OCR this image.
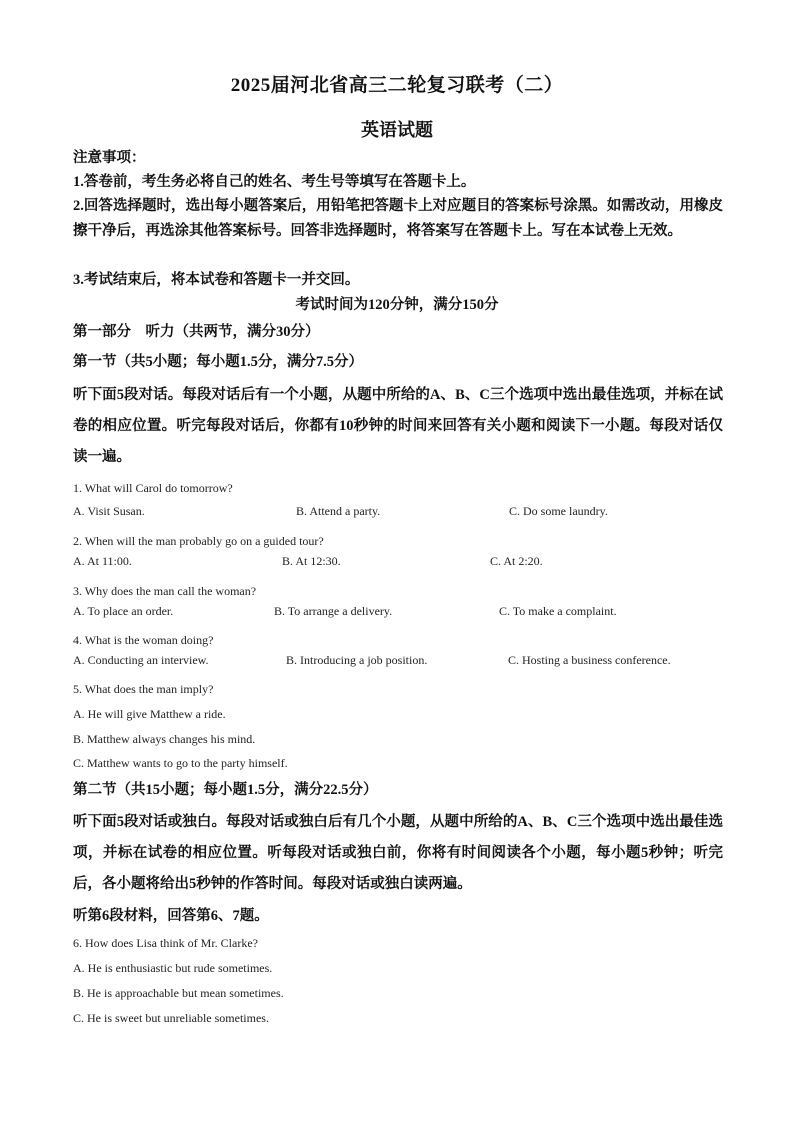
2025届河北省高三二轮复习联考（二）
英语试题
注意事项：
1.答卷前，考生务必将自己的姓名、考生号等填写在答题卡上。
2.回答选择题时，选出每小题答案后，用铅笔把答题卡上对应题目的答案标号涂黑。如需改动，用橡皮擦干净后，再选涂其他答案标号。回答非选择题时，将答案写在答题卡上。写在本试卷上无效。
3.考试结束后，将本试卷和答题卡一并交回。
考试时间为120分钟，满分150分
第一部分　听力（共两节，满分30分）
第一节（共5小题；每小题1.5分，满分7.5分）
听下面5段对话。每段对话后有一个小题，从题中所给的A、B、C三个选项中选出最佳选项，并标在试卷的相应位置。听完每段对话后，你都有10秒钟的时间来回答有关小题和阅读下一小题。每段对话仅读一遍。
1. What will Carol do tomorrow?
A. Visit Susan.	B. Attend a party.	C. Do some laundry.
2. When will the man probably go on a guided tour?
A. At 11:00.	B. At 12:30.	C. At 2:20.
3. Why does the man call the woman?
A. To place an order.	B. To arrange a delivery.	C. To make a complaint.
4. What is the woman doing?
A. Conducting an interview.	B. Introducing a job position.	C. Hosting a business conference.
5. What does the man imply?
A. He will give Matthew a ride.
B. Matthew always changes his mind.
C. Matthew wants to go to the party himself.
第二节（共15小题；每小题1.5分，满分22.5分）
听下面5段对话或独白。每段对话或独白后有几个小题，从题中所给的A、B、C三个选项中选出最佳选项，并标在试卷的相应位置。听每段对话或独白前，你将有时间阅读各个小题，每小题5秒钟；听完后，各小题将给出5秒钟的作答时间。每段对话或独白读两遍。
听第6段材料，回答第6、7题。
6. How does Lisa think of Mr. Clarke?
A. He is enthusiastic but rude sometimes.
B. He is approachable but mean sometimes.
C. He is sweet but unreliable sometimes.
